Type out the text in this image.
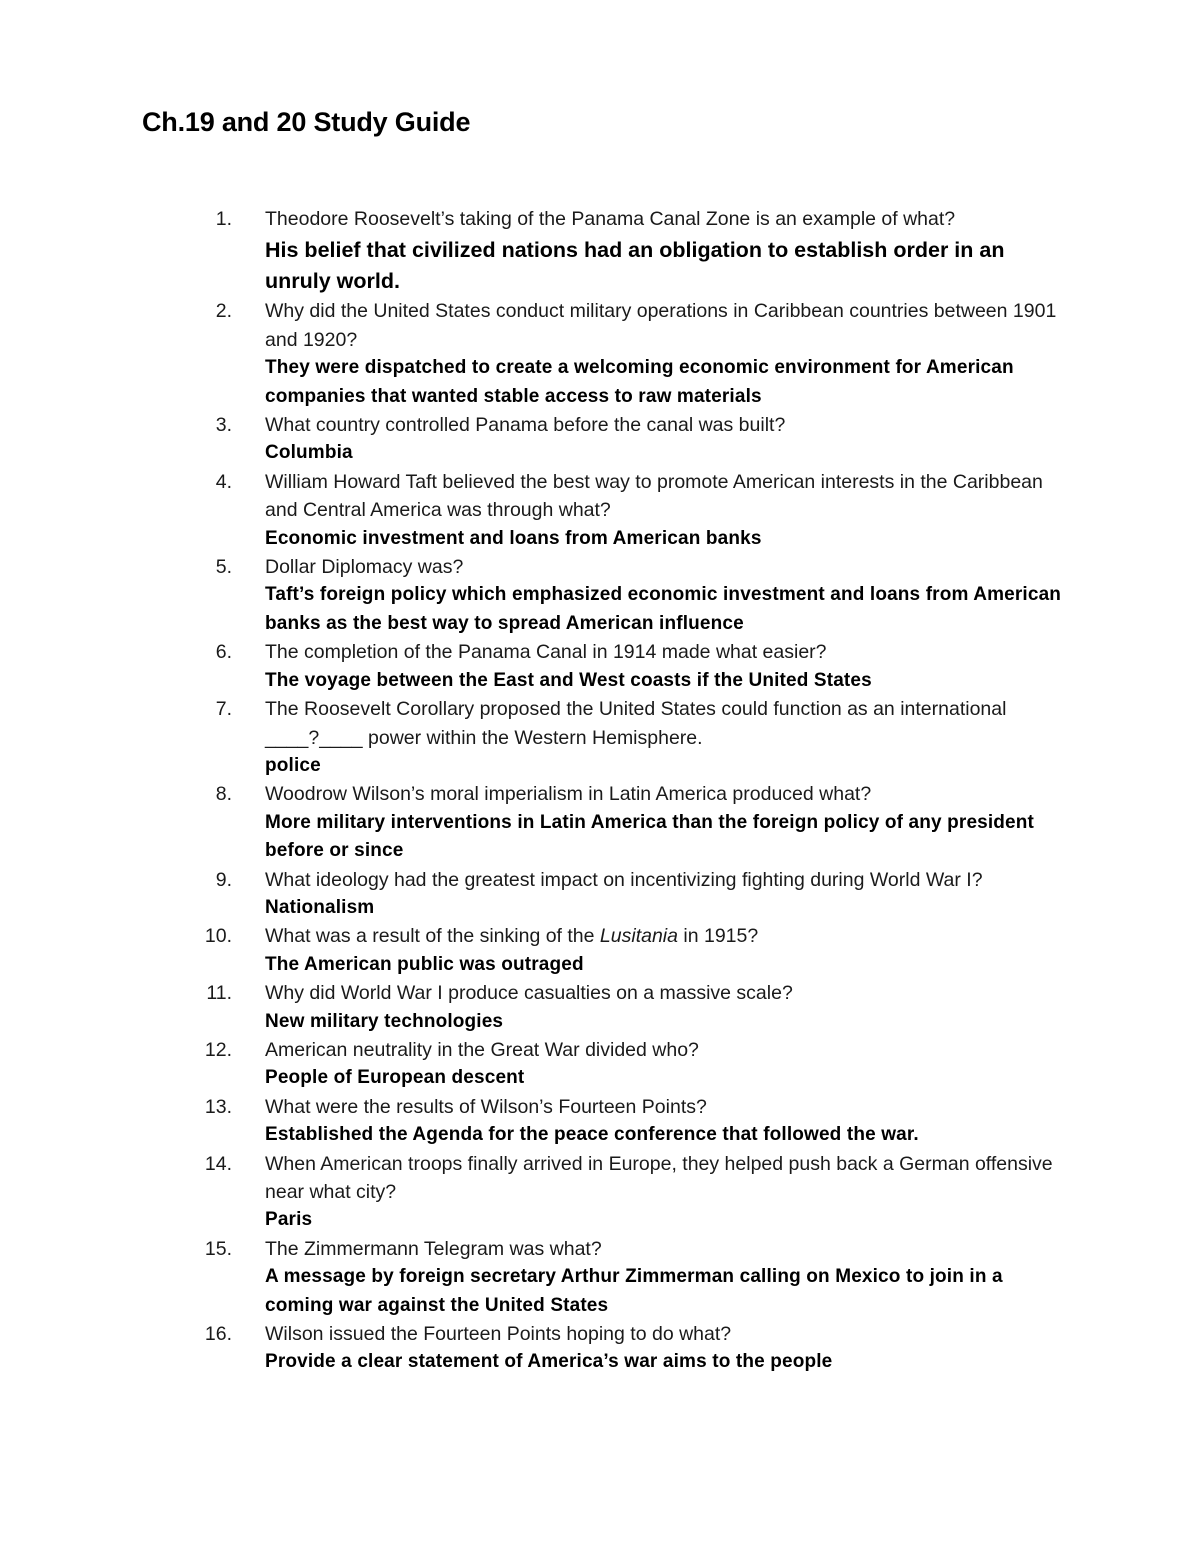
Ch.19 and 20 Study Guide
1. Theodore Roosevelt’s taking of the Panama Canal Zone is an example of what?
His belief that civilized nations had an obligation to establish order in an unruly world.
2. Why did the United States conduct military operations in Caribbean countries between 1901 and 1920?
They were dispatched to create a welcoming economic environment for American companies that wanted stable access to raw materials
3. What country controlled Panama before the canal was built?
Columbia
4. William Howard Taft believed the best way to promote American interests in the Caribbean and Central America was through what?
Economic investment and loans from American banks
5. Dollar Diplomacy was?
Taft’s foreign policy which emphasized economic investment and loans from American banks as the best way to spread American influence
6. The completion of the Panama Canal in 1914 made what easier?
The voyage between the East and West coasts if the United States
7. The Roosevelt Corollary proposed the United States could function as an international ____?____ power within the Western Hemisphere.
police
8. Woodrow Wilson’s moral imperialism in Latin America produced what?
More military interventions in Latin America than the foreign policy of any president before or since
9. What ideology had the greatest impact on incentivizing fighting during World War I?
Nationalism
10. What was a result of the sinking of the Lusitania in 1915?
The American public was outraged
11. Why did World War I produce casualties on a massive scale?
New military technologies
12. American neutrality in the Great War divided who?
People of European descent
13. What were the results of Wilson’s Fourteen Points?
Established the Agenda for the peace conference that followed the war.
14. When American troops finally arrived in Europe, they helped push back a German offensive near what city?
Paris
15. The Zimmermann Telegram was what?
A message by foreign secretary Arthur Zimmerman calling on Mexico to join in a coming war against the United States
16. Wilson issued the Fourteen Points hoping to do what?
Provide a clear statement of America’s war aims to the people
